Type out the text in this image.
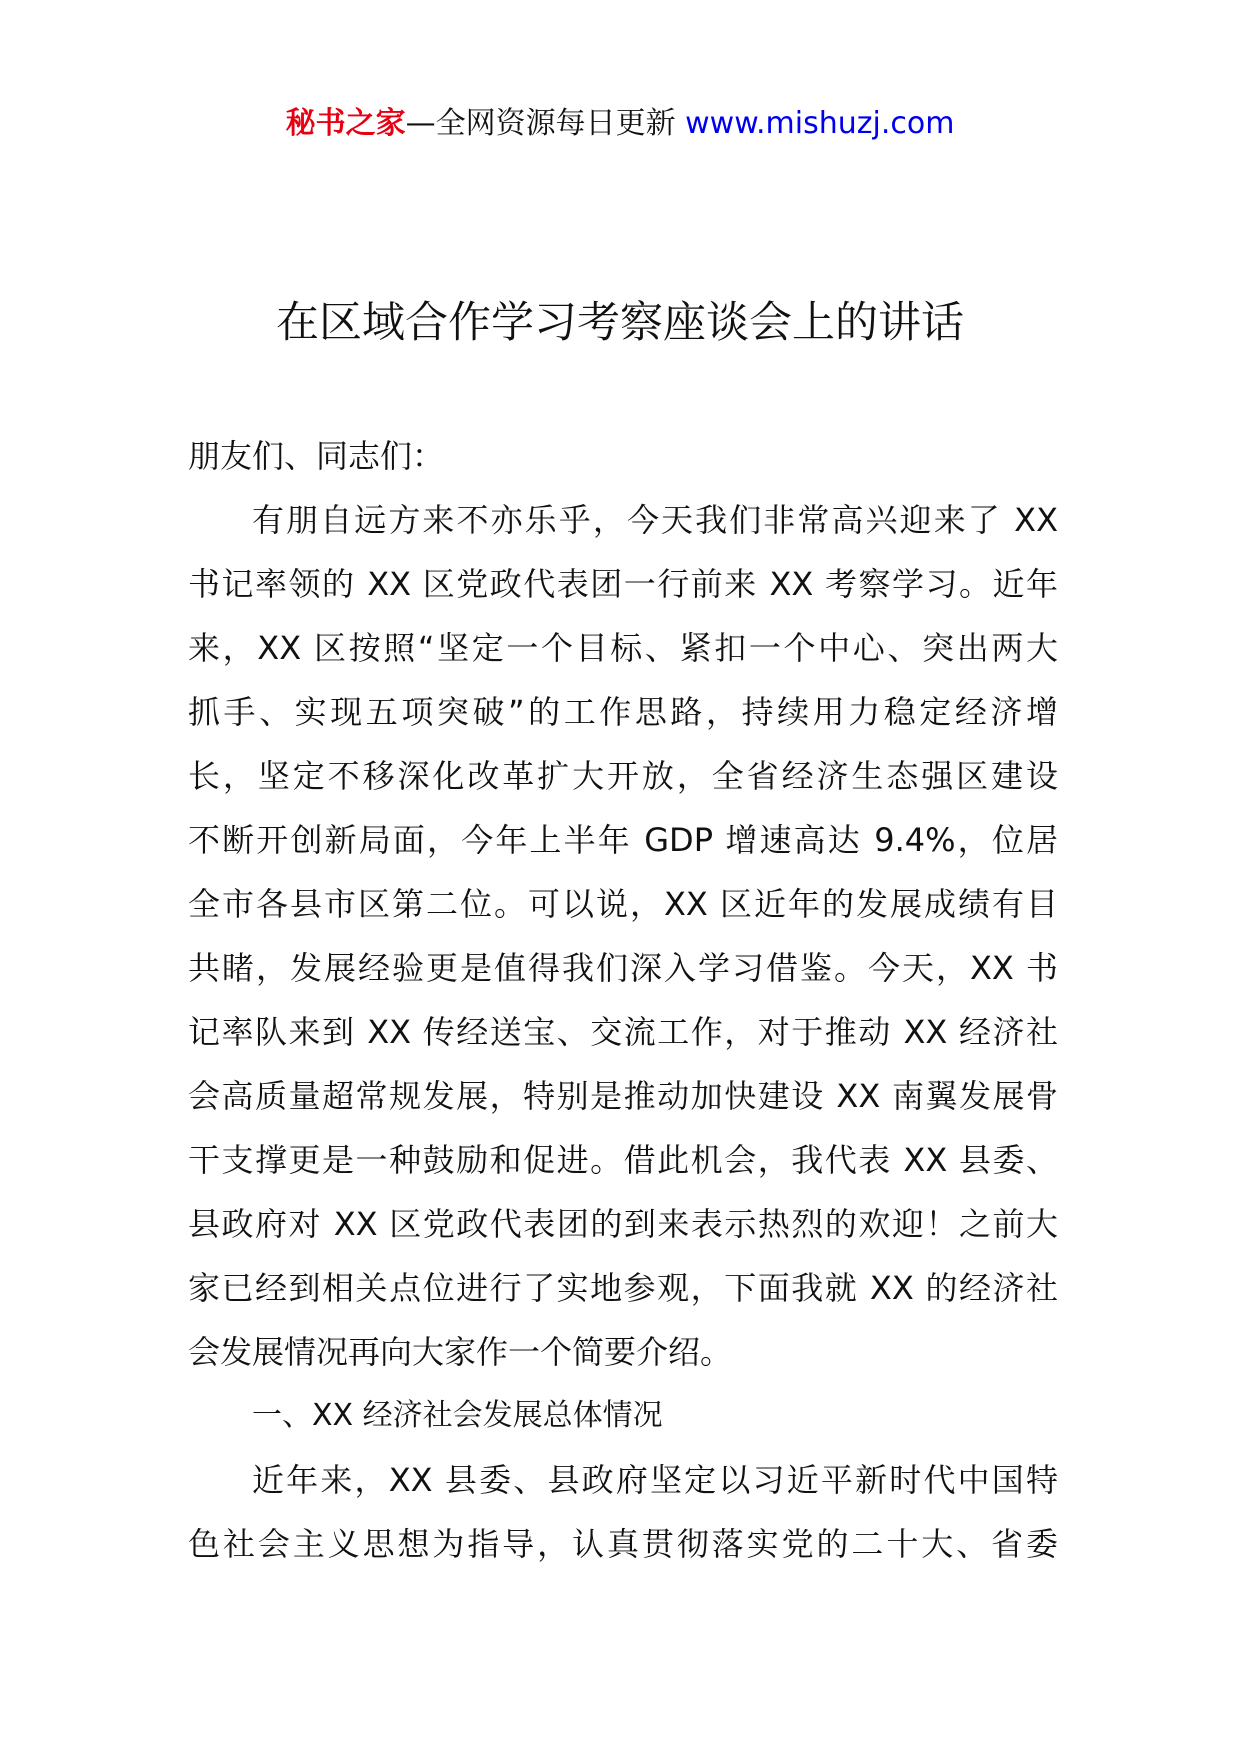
秘书之家—全网资源每日更新 www.mishuzj.com
在区域合作学习考察座谈会上的讲话
朋友们、同志们：
有朋自远方来不亦乐乎，今天我们非常高兴迎来了 XX
书记率领的 XX 区党政代表团一行前来 XX 考察学习。近年
来，XX 区按照“坚定一个目标、紧扣一个中心、突出两大
抓手、实现五项突破”的工作思路，持续用力稳定经济增
长，坚定不移深化改革扩大开放，全省经济生态强区建设
不断开创新局面，今年上半年 GDP 增速高达 9.4%，位居
全市各县市区第二位。可以说，XX 区近年的发展成绩有目
共睹，发展经验更是值得我们深入学习借鉴。今天，XX 书
记率队来到 XX 传经送宝、交流工作，对于推动 XX 经济社
会高质量超常规发展，特别是推动加快建设 XX 南翼发展骨
干支撑更是一种鼓励和促进。借此机会，我代表 XX 县委、
县政府对 XX 区党政代表团的到来表示热烈的欢迎！之前大
家已经到相关点位进行了实地参观，下面我就 XX 的经济社
会发展情况再向大家作一个简要介绍。
一、XX 经济社会发展总体情况
近年来，XX 县委、县政府坚定以习近平新时代中国特
色社会主义思想为指导，认真贯彻落实党的二十大、省委
